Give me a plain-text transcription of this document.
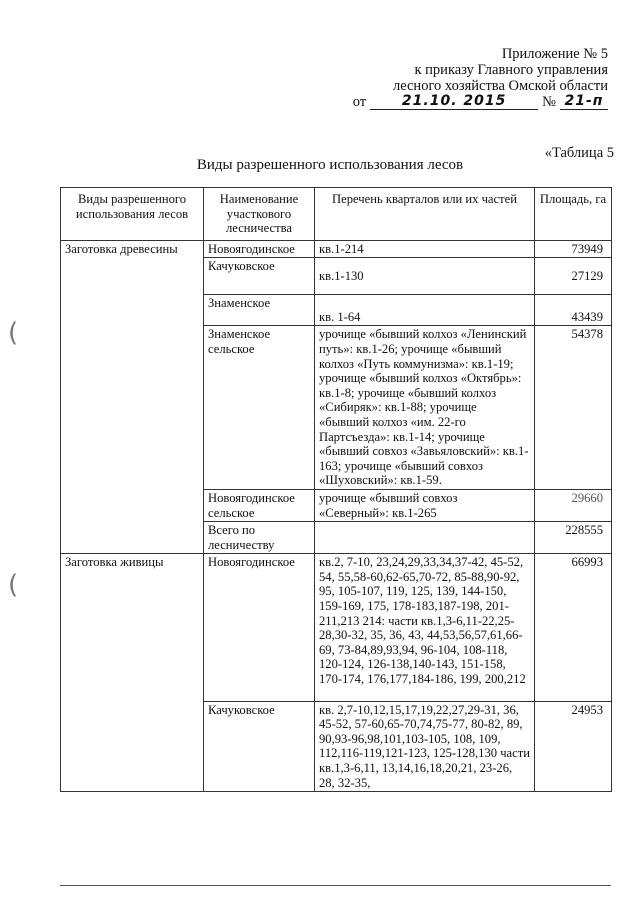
Приложение № 5
к приказу Главного управления
лесного хозяйства Омской области
от	21.10. 2015	№ 21-п
«Таблица 5
Виды разрешенного использования лесов
(
(
Виды разрешенного использования лесов	Наименование участкового лесничества	Перечень кварталов или их частей	Площадь, га
Заготовка древесины	Новоягодинское	кв.1-214	73949
	Качуковское	кв.1-130	27129
	Знаменское	кв. 1-64	43439
	Знаменское сельское	урочище «бывший колхоз «Ленинский путь»: кв.1-26; урочище «бывший колхоз «Путь коммунизма»: кв.1-19; урочище «бывший колхоз «Октябрь»: кв.1-8; урочище «бывший колхоз «Сибиряк»: кв.1-88; урочище «бывший колхоз «им. 22-го Партсъезда»: кв.1-14; урочище «бывший совхоз «Завьяловский»: кв.1-163; урочище «бывший совхоз «Шуховский»: кв.1-59.	54378
	Новоягодинское сельское	урочище «бывший совхоз «Северный»: кв.1-265	29660
	Всего по лесничеству		228555
Заготовка живицы	Новоягодинское	кв.2, 7-10, 23,24,29,33,34,37-42, 45-52, 54, 55,58-60,62-65,70-72, 85-88,90-92, 95, 105-107, 119, 125, 139, 144-150, 159-169, 175, 178-183,187-198, 201-211,213 214: части кв.1,3-6,11-22,25-28,30-32, 35, 36, 43, 44,53,56,57,61,66-69, 73-84,89,93,94, 96-104, 108-118, 120-124, 126-138,140-143, 151-158, 170-174, 176,177,184-186, 199, 200,212	66993
	Качуковское	кв. 2,7-10,12,15,17,19,22,27,29-31, 36, 45-52, 57-60,65-70,74,75-77, 80-82, 89, 90,93-96,98,101,103-105, 108, 109, 112,116-119,121-123, 125-128,130 части кв.1,3-6,11, 13,14,16,18,20,21, 23-26, 28, 32-35,	24953
